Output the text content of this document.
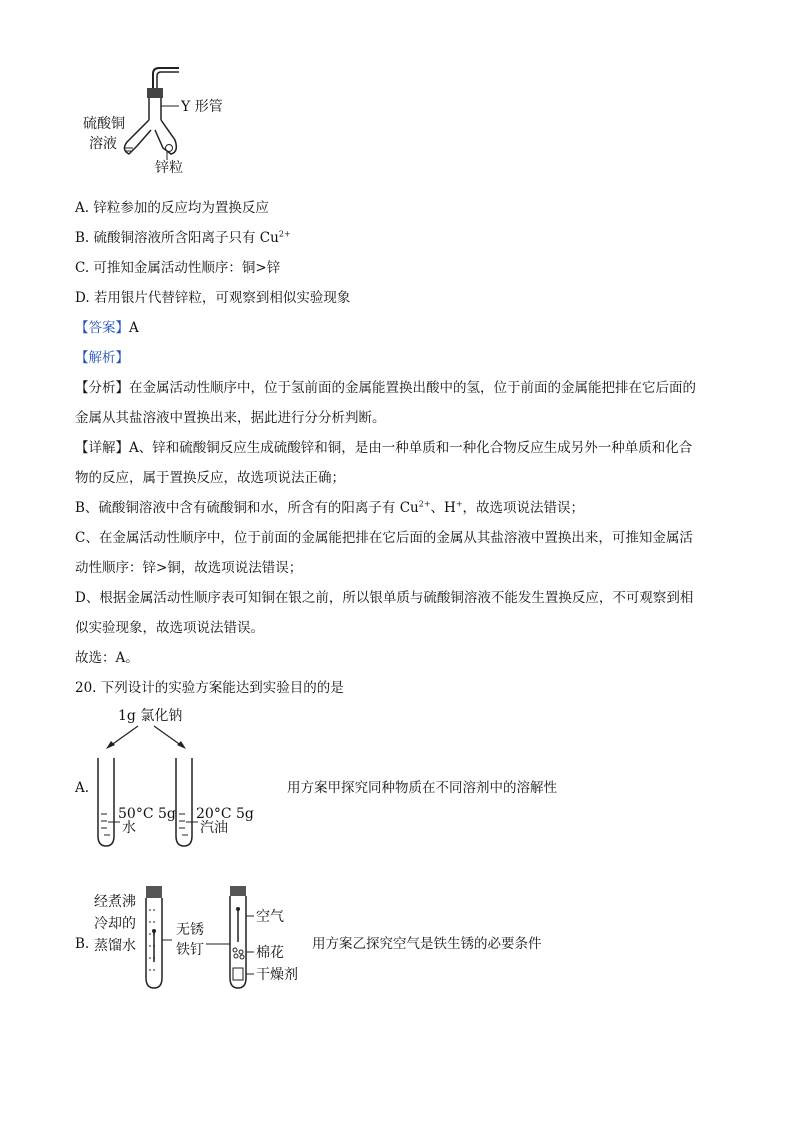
Y 形管
硫酸铜
溶液
锌粒
A. 锌粒参加的反应均为置换反应
B. 硫酸铜溶液所含阳离子只有 $Cu^{2+}$
C. 可推知金属活动性顺序：铜>锌
D. 若用银片代替锌粒，可观察到相似实验现象
【答案】A
【解析】
【分析】在金属活动性顺序中，位于氢前面的金属能置换出酸中的氢，位于前面的金属能把排在它后面的
金属从其盐溶液中置换出来，据此进行分分析判断。
【详解】A、锌和硫酸铜反应生成硫酸锌和铜，是由一种单质和一种化合物反应生成另外一种单质和化合
物的反应，属于置换反应，故选项说法正确；
B、硫酸铜溶液中含有硫酸铜和水，所含有的阳离子有 $Cu^{2+}$、H+，故选项说法错误；
C、在金属活动性顺序中，位于前面的金属能把排在它后面的金属从其盐溶液中置换出来，可推知金属活
动性顺序：锌>铜，故选项说法错误；
D、根据金属活动性顺序表可知铜在银之前，所以银单质与硫酸铜溶液不能发生置换反应，不可观察到相
似实验现象，故选项说法错误。
故选：A。
20. 下列设计的实验方案能达到实验目的的是
1g 氯化钠
50°C 5g
水
20°C 5g
汽油
A.	用方案甲探究同种物质在不同溶剂中的溶解性
经煮沸
冷却的
蒸馏水
无锈
铁钉
空气
棉花
干燥剂
B.	用方案乙探究空气是铁生锈的必要条件
